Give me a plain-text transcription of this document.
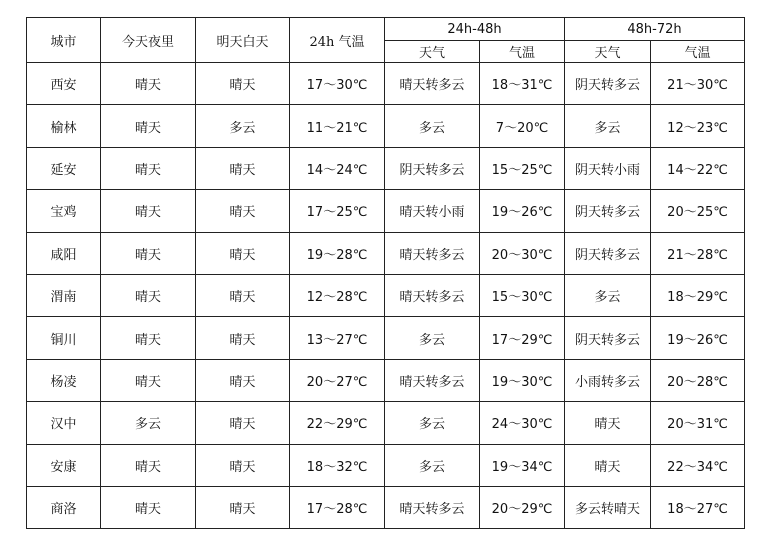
城市	今天夜里	明天白天	24h 气温	24h-48h		48h-72h	
				天气	气温	天气	气温
西安	晴天	晴天	17～30℃	晴天转多云	18～31℃	阴天转多云	21～30℃
榆林	晴天	多云	11～21℃	多云	7～20℃	多云	12～23℃
延安	晴天	晴天	14～24℃	阴天转多云	15～25℃	阴天转小雨	14～22℃
宝鸡	晴天	晴天	17～25℃	晴天转小雨	19～26℃	阴天转多云	20～25℃
咸阳	晴天	晴天	19～28℃	晴天转多云	20～30℃	阴天转多云	21～28℃
渭南	晴天	晴天	12～28℃	晴天转多云	15～30℃	多云	18～29℃
铜川	晴天	晴天	13～27℃	多云	17～29℃	阴天转多云	19～26℃
杨凌	晴天	晴天	20～27℃	晴天转多云	19～30℃	小雨转多云	20～28℃
汉中	多云	晴天	22～29℃	多云	24～30℃	晴天	20～31℃
安康	晴天	晴天	18～32℃	多云	19～34℃	晴天	22～34℃
商洛	晴天	晴天	17～28℃	晴天转多云	20～29℃	多云转晴天	18～27℃
